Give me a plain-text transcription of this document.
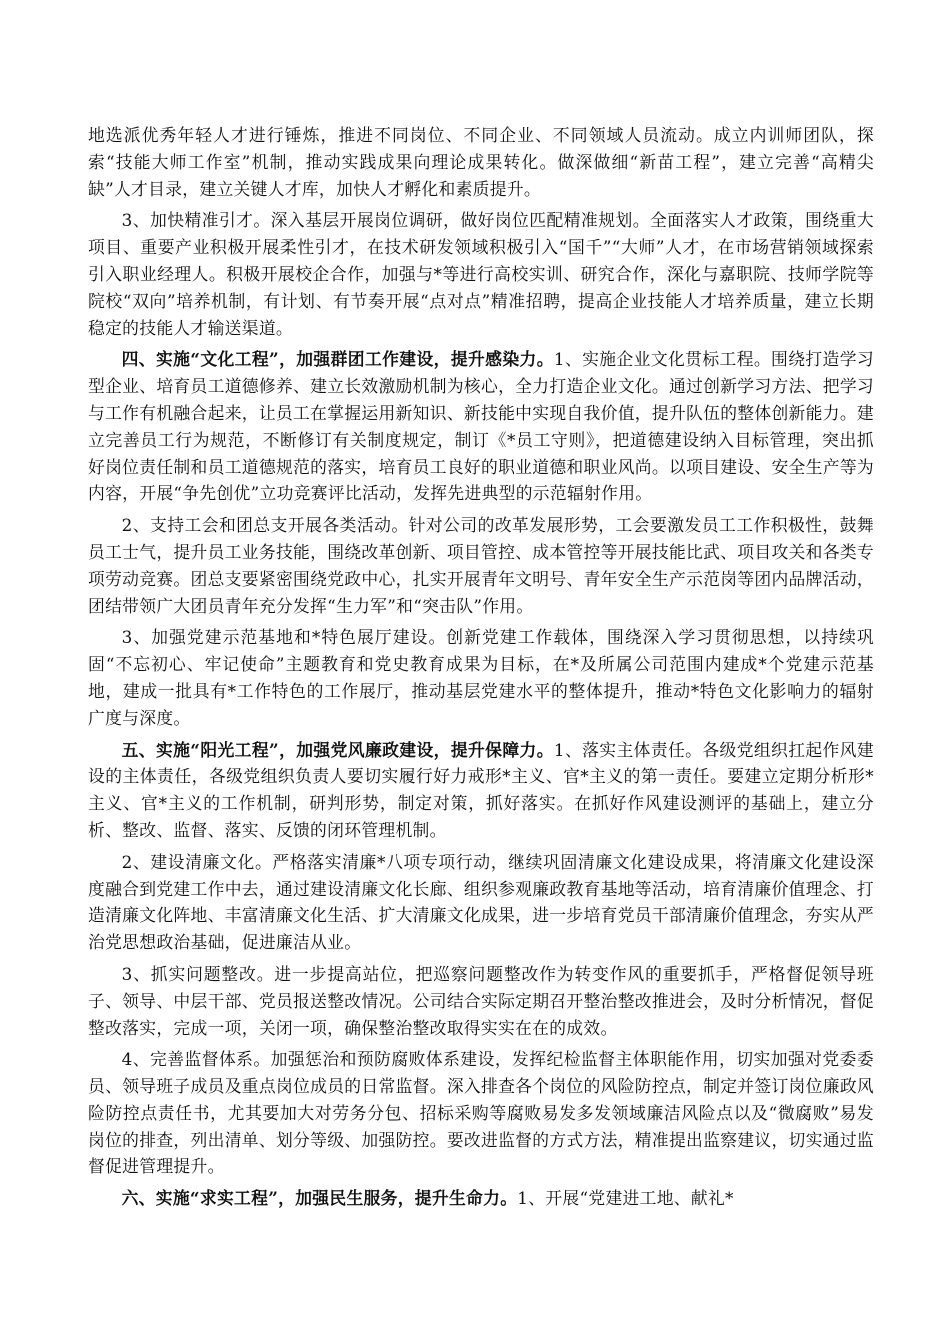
地选派优秀年轻人才进行锤炼，推进不同岗位、不同企业、不同领域人员流动。成立内训师团队，探索“技能大师工作室”机制，推动实践成果向理论成果转化。做深做细“新苗工程”，建立完善“高精尖缺”人才目录，建立关键人才库，加快人才孵化和素质提升。

3、加快精准引才。深入基层开展岗位调研，做好岗位匹配精准规划。全面落实人才政策，围绕重大项目、重要产业积极开展柔性引才，在技术研发领域积极引入“国千”“大师”人才，在市场营销领域探索引入职业经理人。积极开展校企合作，加强与*等进行高校实训、研究合作，深化与嘉职院、技师学院等院校“双向”培养机制，有计划、有节奏开展“点对点”精准招聘，提高企业技能人才培养质量，建立长期稳定的技能人才输送渠道。

四、实施“文化工程”，加强群团工作建设，提升感染力。1、实施企业文化贯标工程。围绕打造学习型企业、培育员工道德修养、建立长效激励机制为核心，全力打造企业文化。通过创新学习方法、把学习与工作有机融合起来，让员工在掌握运用新知识、新技能中实现自我价值，提升队伍的整体创新能力。建立完善员工行为规范，不断修订有关制度规定，制订《*员工守则》，把道德建设纳入目标管理，突出抓好岗位责任制和员工道德规范的落实，培育员工良好的职业道德和职业风尚。以项目建设、安全生产等为内容，开展“争先创优”立功竞赛评比活动，发挥先进典型的示范辐射作用。

2、支持工会和团总支开展各类活动。针对公司的改革发展形势，工会要激发员工工作积极性，鼓舞员工士气，提升员工业务技能，围绕改革创新、项目管控、成本管控等开展技能比武、项目攻关和各类专项劳动竞赛。团总支要紧密围绕党政中心，扎实开展青年文明号、青年安全生产示范岗等团内品牌活动，团结带领广大团员青年充分发挥“生力军”和“突击队”作用。

3、加强党建示范基地和*特色展厅建设。创新党建工作载体，围绕深入学习贯彻思想，以持续巩固“不忘初心、牢记使命”主题教育和党史教育成果为目标，在*及所属公司范围内建成*个党建示范基地，建成一批具有*工作特色的工作展厅，推动基层党建水平的整体提升，推动*特色文化影响力的辐射广度与深度。

五、实施“阳光工程”，加强党风廉政建设，提升保障力。1、落实主体责任。各级党组织扛起作风建设的主体责任，各级党组织负责人要切实履行好力戒形*主义、官*主义的第一责任。要建立定期分析形*主义、官*主义的工作机制，研判形势，制定对策，抓好落实。在抓好作风建设测评的基础上，建立分析、整改、监督、落实、反馈的闭环管理机制。

2、建设清廉文化。严格落实清廉*八项专项行动，继续巩固清廉文化建设成果，将清廉文化建设深度融合到党建工作中去，通过建设清廉文化长廊、组织参观廉政教育基地等活动，培育清廉价值理念、打造清廉文化阵地、丰富清廉文化生活、扩大清廉文化成果，进一步培育党员干部清廉价值理念，夯实从严治党思想政治基础，促进廉洁从业。

3、抓实问题整改。进一步提高站位，把巡察问题整改作为转变作风的重要抓手，严格督促领导班子、领导、中层干部、党员报送整改情况。公司结合实际定期召开整治整改推进会，及时分析情况，督促整改落实，完成一项，关闭一项，确保整治整改取得实实在在的成效。

4、完善监督体系。加强惩治和预防腐败体系建设，发挥纪检监督主体职能作用，切实加强对党委委员、领导班子成员及重点岗位成员的日常监督。深入排查各个岗位的风险防控点，制定并签订岗位廉政风险防控点责任书，尤其要加大对劳务分包、招标采购等腐败易发多发领域廉洁风险点以及“微腐败”易发岗位的排查，列出清单、划分等级、加强防控。要改进监督的方式方法，精准提出监察建议，切实通过监督促进管理提升。

六、实施“求实工程”，加强民生服务，提升生命力。1、开展“党建进工地、献礼*
